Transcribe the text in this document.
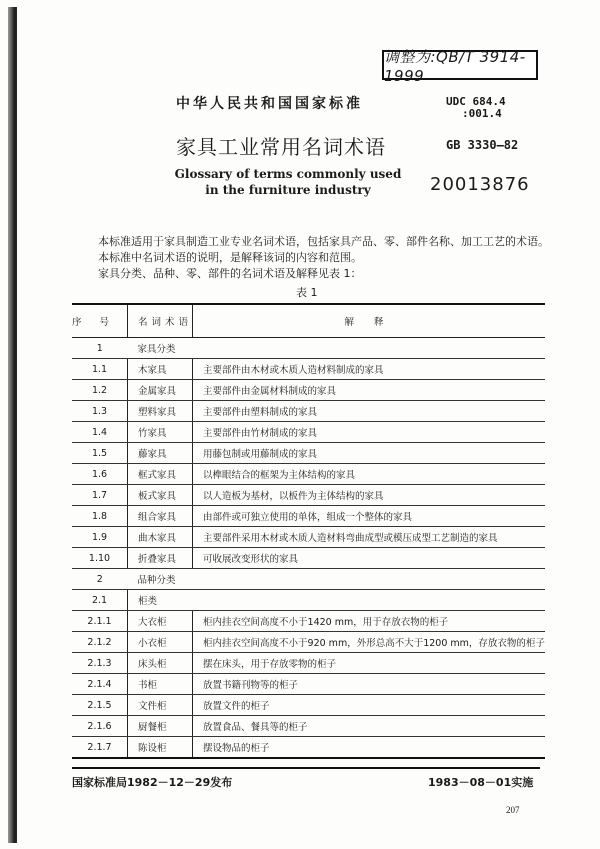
调整为:QB/T 3914-1999
中华人民共和国国家标准	UDC 684.4
:001.4
家具工业常用名词术语	GB 3330—82
Glossary of terms commonly used
in the furniture industry	20013876

本标准适用于家具制造工业专业名词术语，包括家具产品、零、部件名称、加工工艺的术语。

本标准中名词术语的说明，是解释该词的内容和范围。

家具分类、品种、零、部件的名词术语及解释见表 1：

表 1
序号	名词术语	解释
1	家具分类	
1.1	木家具	主要部件由木材或木质人造材料制成的家具
1.2	金属家具	主要部件由金属材料制成的家具
1.3	塑料家具	主要部件由塑料制成的家具
1.4	竹家具	主要部件由竹材制成的家具
1.5	藤家具	用藤包制或用藤制成的家具
1.6	框式家具	以榫眼结合的框架为主体结构的家具
1.7	板式家具	以人造板为基材，以板件为主体结构的家具
1.8	组合家具	由部件或可独立使用的单体，组成一个整体的家具
1.9	曲木家具	主要部件采用木材或木质人造材料弯曲成型或模压成型工艺制造的家具
1.10	折叠家具	可收展改变形状的家具
2	品种分类	
2.1	柜类	
2.1.1	大衣柜	柜内挂衣空间高度不小于1420 mm，用于存放衣物的柜子
2.1.2	小衣柜	柜内挂衣空间高度不小于920 mm，外形总高不大于1200 mm，存放衣物的柜子
2.1.3	床头柜	摆在床头，用于存放零物的柜子
2.1.4	书柜	放置书籍刊物等的柜子
2.1.5	文件柜	放置文件的柜子
2.1.6	厨餐柜	放置食品、餐具等的柜子
2.1.7	陈设柜	摆设物品的柜子
国家标准局1982－12－29发布	1983－08－01实施
207
